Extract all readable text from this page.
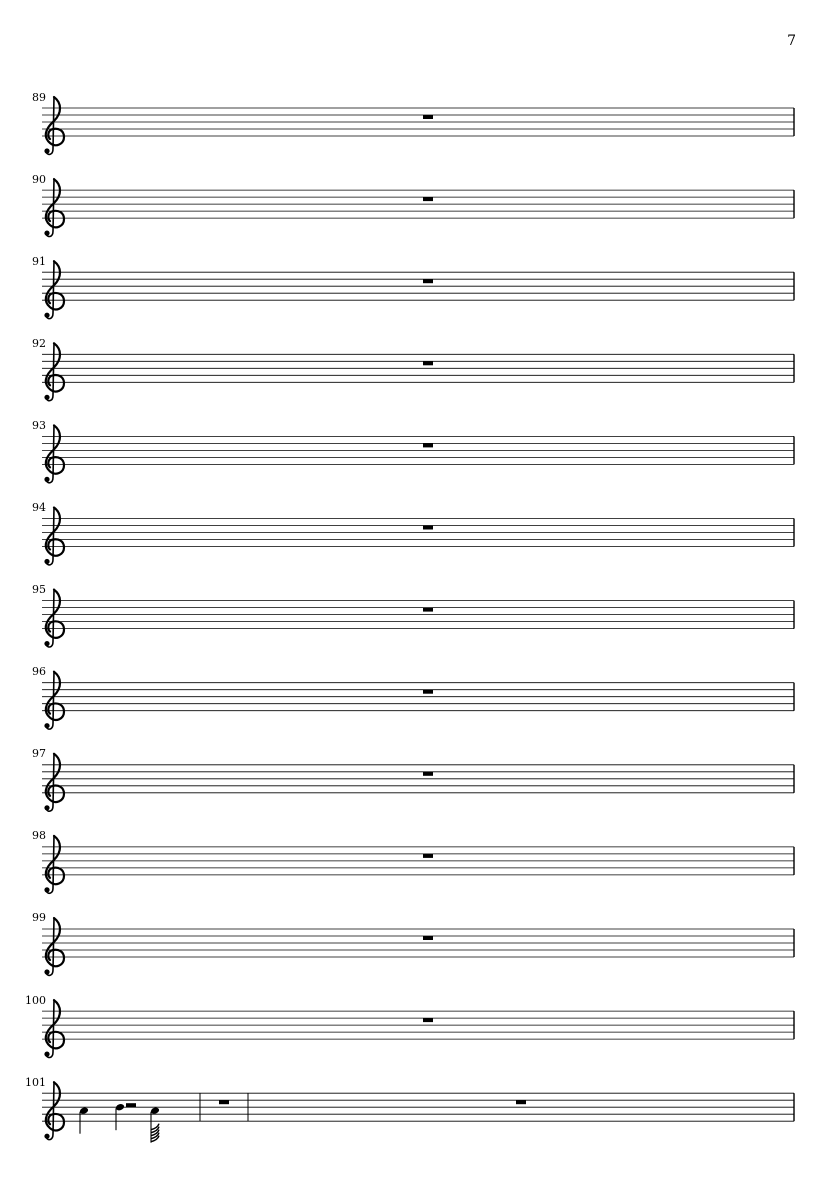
7
89
90
91
92
93
94
95
96
97
98
99
100
101
